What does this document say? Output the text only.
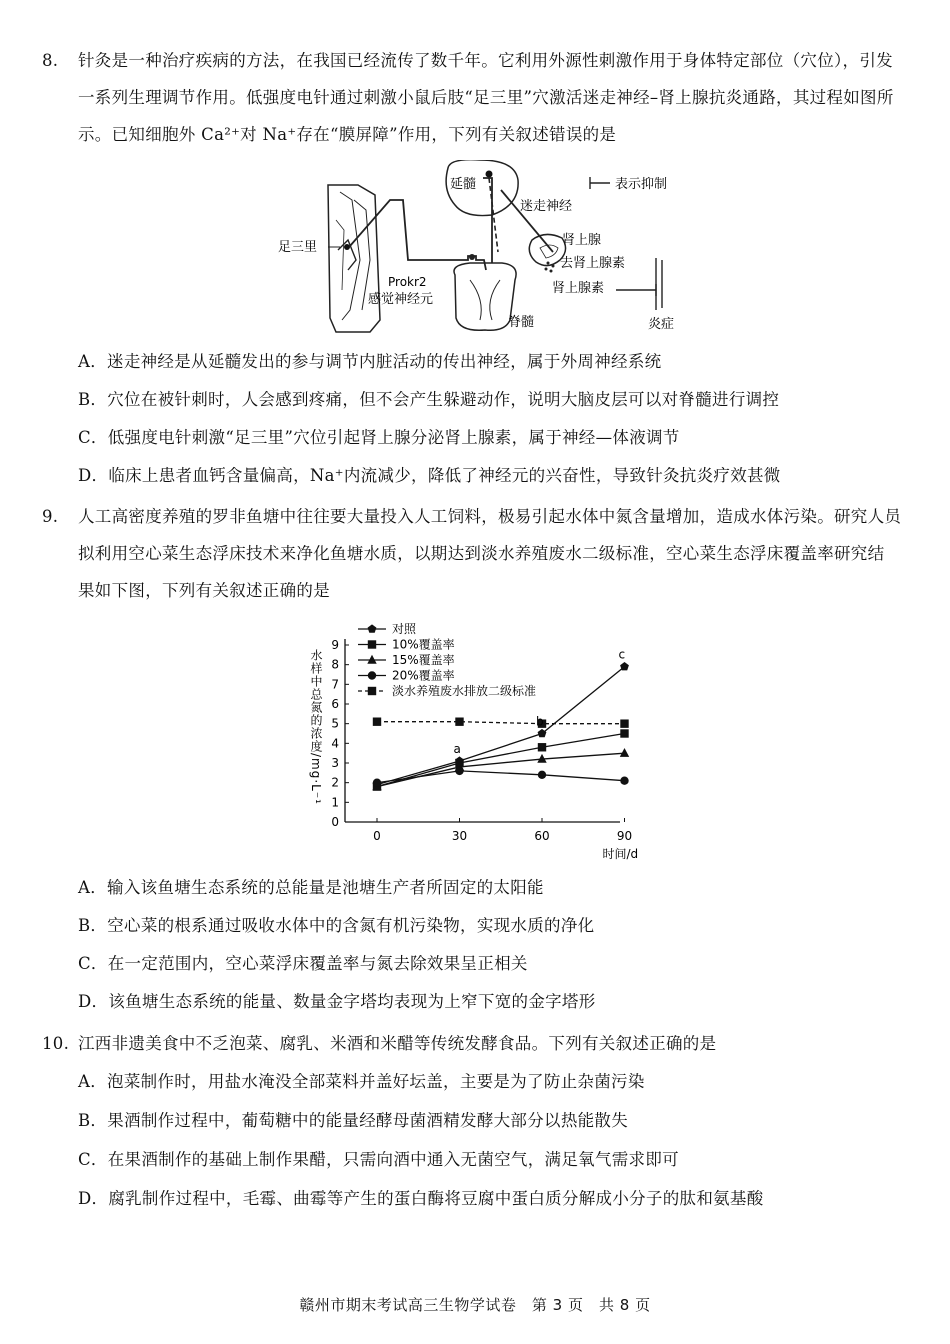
8. 针灸是一种治疗疾病的方法，在我国已经流传了数千年。它利用外源性刺激作用于身体特定部位（穴位），引发
一系列生理调节作用。低强度电针通过刺激小鼠后肢“足三里”穴激活迷走神经–肾上腺抗炎通路，其过程如图所
示。已知细胞外 Ca²⁺对 Na⁺存在“膜屏障”作用，下列有关叙述错误的是
延髓
迷走神经
表示抑制
足三里	肾上腺
去肾上腺素
肾上腺素
Prokr2
感觉神经元
脊髓	炎症
A．迷走神经是从延髓发出的参与调节内脏活动的传出神经，属于外周神经系统
B．穴位在被针刺时，人会感到疼痛，但不会产生躲避动作，说明大脑皮层可以对脊髓进行调控
C．低强度电针刺激“足三里”穴位引起肾上腺分泌肾上腺素，属于神经—体液调节
D．临床上患者血钙含量偏高，Na⁺内流减少，降低了神经元的兴奋性，导致针灸抗炎疗效甚微
9. 人工高密度养殖的罗非鱼塘中往往要大量投入人工饲料，极易引起水体中氮含量增加，造成水体污染。研究人员
拟利用空心菜生态浮床技术来净化鱼塘水质，以期达到淡水养殖废水二级标准，空心菜生态浮床覆盖率研究结
果如下图，下列有关叙述正确的是
0
1
2
3
4
5
6
7
8
9
0	30	60	90
时间/d
水样中总氮的浓度/mg·L⁻¹	a
b
c
对照
10%覆盖率
15%覆盖率
20%覆盖率
淡水养殖废水排放二级标准
A．输入该鱼塘生态系统的总能量是池塘生产者所固定的太阳能
B．空心菜的根系通过吸收水体中的含氮有机污染物，实现水质的净化
C．在一定范围内，空心菜浮床覆盖率与氮去除效果呈正相关
D．该鱼塘生态系统的能量、数量金字塔均表现为上窄下宽的金字塔形
10. 江西非遗美食中不乏泡菜、腐乳、米酒和米醋等传统发酵食品。下列有关叙述正确的是
A．泡菜制作时，用盐水淹没全部菜料并盖好坛盖，主要是为了防止杂菌污染
B．果酒制作过程中，葡萄糖中的能量经酵母菌酒精发酵大部分以热能散失
C．在果酒制作的基础上制作果醋，只需向酒中通入无菌空气，满足氧气需求即可
D．腐乳制作过程中，毛霉、曲霉等产生的蛋白酶将豆腐中蛋白质分解成小分子的肽和氨基酸
赣州市期末考试高三生物学试卷　第 3 页　共 8 页
